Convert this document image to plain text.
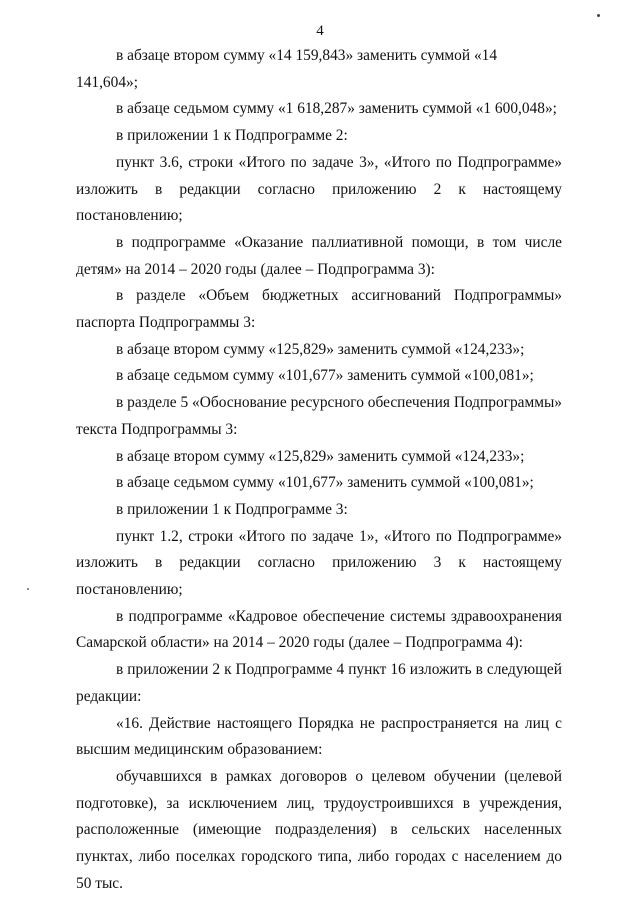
4

в абзаце втором сумму «14 159,843» заменить суммой «14 141,604»;

в абзаце седьмом сумму «1 618,287» заменить суммой «1 600,048»;

в приложении 1 к Подпрограмме 2:

пункт 3.6, строки «Итого по задаче 3», «Итого по Подпрограмме» изложить в редакции согласно приложению 2 к настоящему постановлению;

в подпрограмме «Оказание паллиативной помощи, в том числе детям» на 2014 – 2020 годы (далее – Подпрограмма 3):

в разделе «Объем бюджетных ассигнований Подпрограммы» паспорта Подпрограммы 3:

в абзаце втором сумму «125,829» заменить суммой «124,233»;

в абзаце седьмом сумму «101,677» заменить суммой «100,081»;

в разделе 5 «Обоснование ресурсного обеспечения Подпрограммы» текста Подпрограммы 3:

в абзаце втором сумму «125,829» заменить суммой «124,233»;

в абзаце седьмом сумму «101,677» заменить суммой «100,081»;

в приложении 1 к Подпрограмме 3:

пункт 1.2, строки «Итого по задаче 1», «Итого по Подпрограмме» изложить в редакции согласно приложению 3 к настоящему постановлению;

в подпрограмме «Кадровое обеспечение системы здравоохранения Самарской области» на 2014 – 2020 годы (далее – Подпрограмма 4):

в приложении 2 к Подпрограмме 4 пункт 16 изложить в следующей редакции:

«16. Действие настоящего Порядка не распространяется на лиц с высшим медицинским образованием:

обучавшихся в рамках договоров о целевом обучении (целевой подготовке), за исключением лиц, трудоустроившихся в учреждения, расположенные (имеющие подразделения) в сельских населенных пунктах, либо поселках городского типа, либо городах с населением до 50 тыс.
